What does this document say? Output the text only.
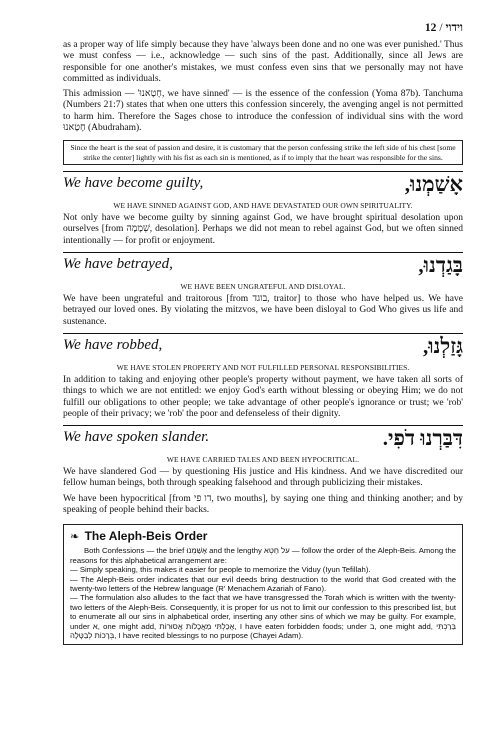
וידוי/12

as a proper way of life simply because they have 'always been done and no one was ever punished.' Thus we must confess — i.e., acknowledge — such sins of the past. Additionally, since all Jews are responsible for one another's mistakes, we must confess even sins that we personally may not have committed as individuals.

This admission — 'חָטָאנוּ, we have sinned' — is the essence of the confession (Yoma 87b). Tanchuma (Numbers 21:7) states that when one utters this confession sincerely, the avenging angel is not permitted to harm him. Therefore the Sages chose to introduce the confession of individual sins with the word חָטָאנוּ (Abudraham).

Since the heart is the seat of passion and desire, it is customary that the person confessing strike the left side of his chest [some strike the center] lightly with his fist as each sin is mentioned, as if to imply that the heart was responsible for the sins.
We have become guilty,	אָשַׁמְנוּ,
WE HAVE SINNED AGAINST GOD, AND HAVE DEVASTATED OUR OWN SPIRITUALITY.

Not only have we become guilty by sinning against God, we have brought spiritual desolation upon ourselves [from שְׁמָמָה, desolation]. Perhaps we did not mean to rebel against God, but we often sinned intentionally — for profit or enjoyment.

We have betrayed,	בָּגַדְנוּ,
WE HAVE BEEN UNGRATEFUL AND DISLOYAL.

We have been ungrateful and traitorous [from בוגד, traitor] to those who have helped us. We have betrayed our loved ones. By violating the mitzvos, we have been disloyal to God Who gives us life and sustenance.

We have robbed,	גָּזַלְנוּ,
WE HAVE STOLEN PROPERTY AND NOT FULFILLED PERSONAL RESPONSIBILITIES.

In addition to taking and enjoying other people's property without payment, we have taken all sorts of things to which we are not entitled: we enjoy God's earth without blessing or obeying Him; we do not fulfill our obligations to other people; we take advantage of other people's ignorance or trust; we 'rob' people of their privacy; we 'rob' the poor and defenseless of their dignity.

We have spoken slander.	דִּבַּרְנוּ דֹפִי.
WE HAVE CARRIED TALES AND BEEN HYPOCRITICAL.

We have slandered God — by questioning His justice and His kindness. And we have discredited our fellow human beings, both through speaking falsehood and through publicizing their mistakes.

We have been hypocritical [from דו פי, two mouths], by saying one thing and thinking another; and by speaking of people behind their backs.

❧ The Aleph-Beis Order

Both Confessions — the brief אָשַׁמְנוּ and the lengthy על חֵטְא — follow the order of the Aleph-Beis. Among the reasons for this alphabetical arrangement are:

— Simply speaking, this makes it easier for people to memorize the Viduy (Iyun Tefillah).

— The Aleph-Beis order indicates that our evil deeds bring destruction to the world that God created with the twenty-two letters of the Hebrew language (R' Menachem Azariah of Fano).

— The formulation also alludes to the fact that we have transgressed the Torah which is written with the twenty-two letters of the Aleph-Beis. Consequently, it is proper for us not to limit our confession to this prescribed list, but to enumerate all our sins in alphabetical order, inserting any other sins of which we may be guilty. For example, under א, one might add, אָכַלְתִּי מַאֲכָלוֹת אֲסוּרוֹת, I have eaten forbidden foods; under ב, one might add, בֵּרַכְתִּי בְּרָכוֹת לְבַטָּלָה, I have recited blessings to no purpose (Chayei Adam).
